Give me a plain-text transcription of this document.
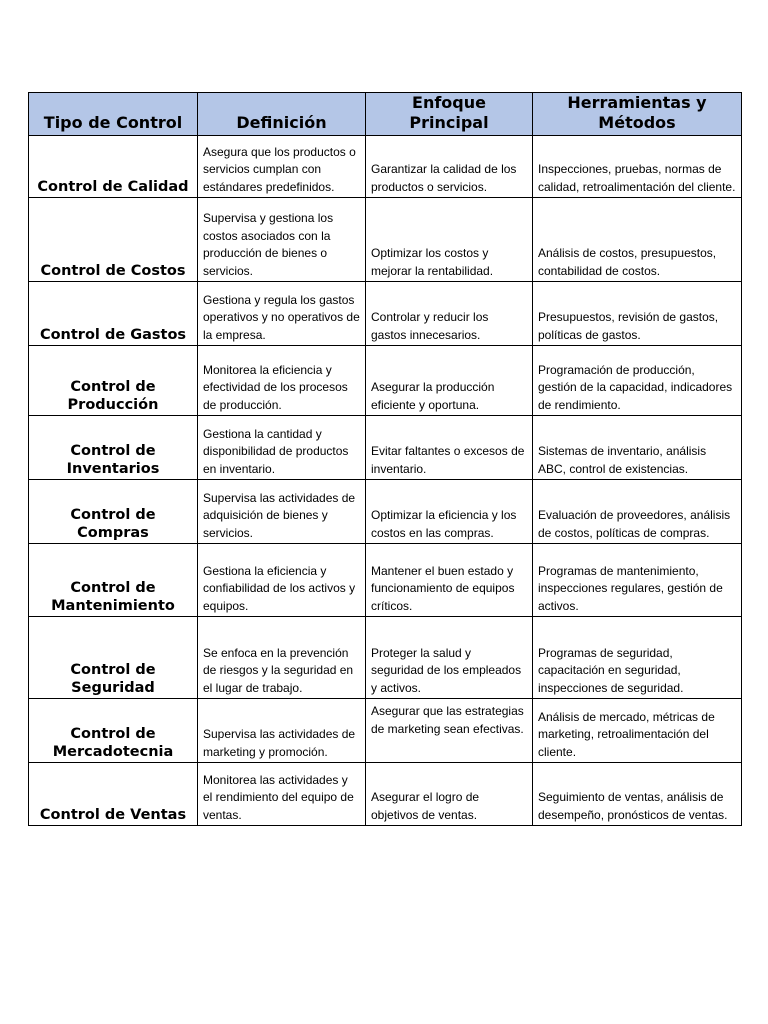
Tipo de Control	Definición	Enfoque Principal	Herramientas y Métodos
Control de Calidad	Asegura que los productos o servicios cumplan con estándares predefinidos.	Garantizar la calidad de los productos o servicios.	Inspecciones, pruebas, normas de calidad, retroalimentación del cliente.
Control de Costos	Supervisa y gestiona los costos asociados con la producción de bienes o servicios.	Optimizar los costos y mejorar la rentabilidad.	Análisis de costos, presupuestos, contabilidad de costos.
Control de Gastos	Gestiona y regula los gastos operativos y no operativos de la empresa.	Controlar y reducir los gastos innecesarios.	Presupuestos, revisión de gastos, políticas de gastos.
Control de Producción	Monitorea la eficiencia y efectividad de los procesos de producción.	Asegurar la producción eficiente y oportuna.	Programación de producción, gestión de la capacidad, indicadores de rendimiento.
Control de Inventarios	Gestiona la cantidad y disponibilidad de productos en inventario.	Evitar faltantes o excesos de inventario.	Sistemas de inventario, análisis ABC, control de existencias.
Control de Compras	Supervisa las actividades de adquisición de bienes y servicios.	Optimizar la eficiencia y los costos en las compras.	Evaluación de proveedores, análisis de costos, políticas de compras.
Control de Mantenimiento	Gestiona la eficiencia y confiabilidad de los activos y equipos.	Mantener el buen estado y funcionamiento de equipos críticos.	Programas de mantenimiento, inspecciones regulares, gestión de activos.
Control de Seguridad	Se enfoca en la prevención de riesgos y la seguridad en el lugar de trabajo.	Proteger la salud y seguridad de los empleados y activos.	Programas de seguridad, capacitación en seguridad, inspecciones de seguridad.
Control de Mercadotecnia	Supervisa las actividades de marketing y promoción.	Asegurar que las estrategias de marketing sean efectivas.	Análisis de mercado, métricas de marketing, retroalimentación del cliente.
Control de Ventas	Monitorea las actividades y el rendimiento del equipo de ventas.	Asegurar el logro de objetivos de ventas.	Seguimiento de ventas, análisis de desempeño, pronósticos de ventas.
